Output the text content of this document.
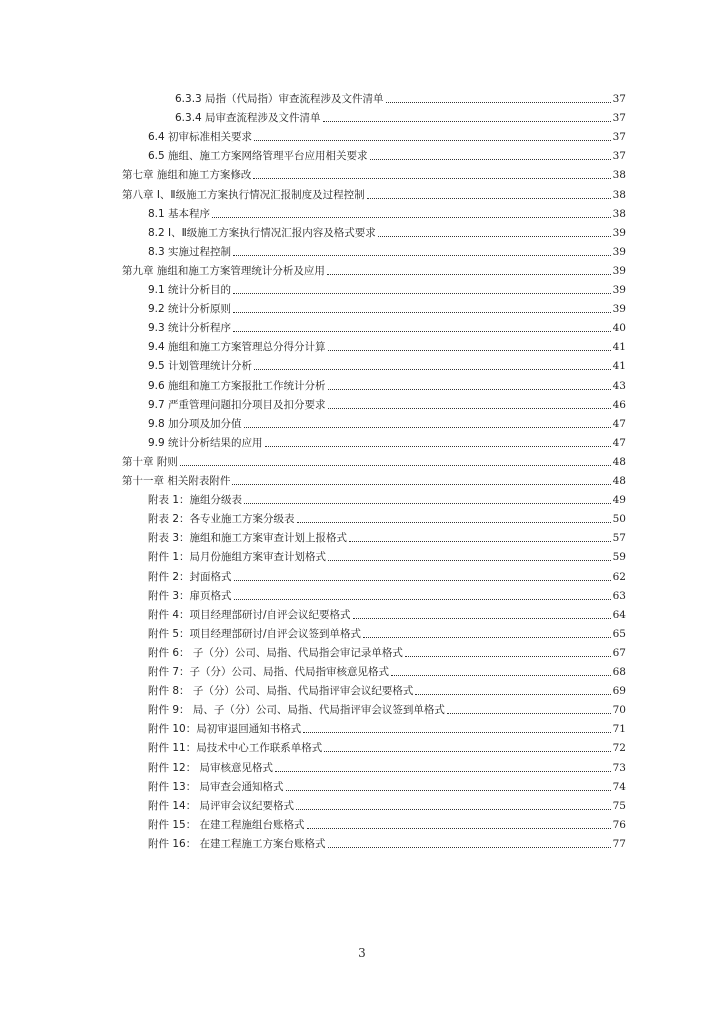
6.3.3 局指（代局指）审查流程涉及文件清单	37
6.3.4 局审查流程涉及文件清单	37
6.4 初审标准相关要求	37
6.5 施组、施工方案网络管理平台应用相关要求	37
第七章 施组和施工方案修改	38
第八章 Ⅰ、Ⅱ级施工方案执行情况汇报制度及过程控制	38
8.1 基本程序	38
8.2 Ⅰ、Ⅱ级施工方案执行情况汇报内容及格式要求	39
8.3 实施过程控制	39
第九章 施组和施工方案管理统计分析及应用	39
9.1 统计分析目的	39
9.2 统计分析原则	39
9.3 统计分析程序	40
9.4 施组和施工方案管理总分得分计算	41
9.5 计划管理统计分析	41
9.6 施组和施工方案报批工作统计分析	43
9.7 严重管理问题扣分项目及扣分要求	46
9.8 加分项及加分值	47
9.9 统计分析结果的应用	47
第十章 附则	48
第十一章 相关附表附件	48
附表 1：施组分级表	49
附表 2：各专业施工方案分级表	50
附表 3：施组和施工方案审查计划上报格式	57
附件 1：局月份施组方案审查计划格式	59
附件 2：封面格式	62
附件 3：扉页格式	63
附件 4：项目经理部研讨/自评会议纪要格式	64
附件 5：项目经理部研讨/自评会议签到单格式	65
附件 6： 子（分）公司、局指、代局指会审记录单格式	67
附件 7：子（分）公司、局指、代局指审核意见格式	68
附件 8： 子（分）公司、局指、代局指评审会议纪要格式	69
附件 9： 局、子（分）公司、局指、代局指评审会议签到单格式	70
附件 10：局初审退回通知书格式	71
附件 11：局技术中心工作联系单格式	72
附件 12： 局审核意见格式	73
附件 13： 局审查会通知格式	74
附件 14： 局评审会议纪要格式	75
附件 15： 在建工程施组台账格式	76
附件 16： 在建工程施工方案台账格式	77
3
